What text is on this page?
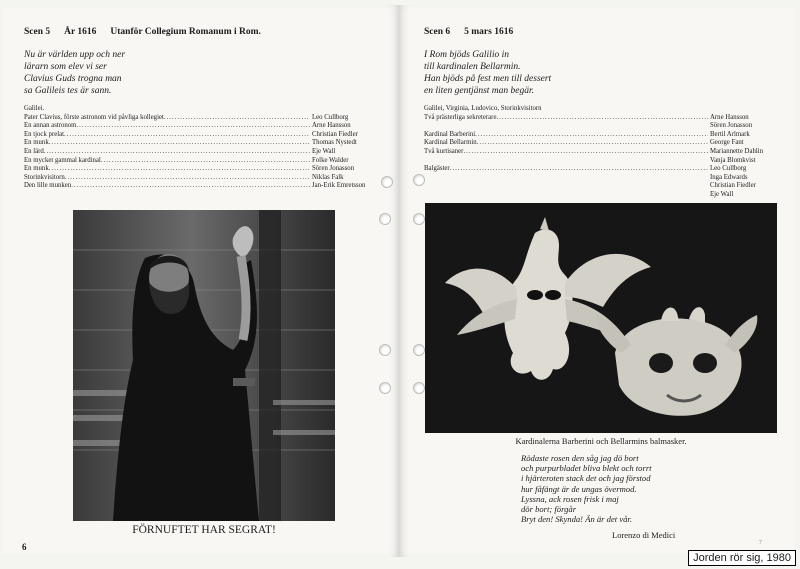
Scen 5 År 1616 Utanför Collegium Romanum i Rom.
Nu är världen upp och ner
lärarn som elev vi ser
Clavius Guds trogna man
sa Galileis tes är sann.
Galilei.
Pater Clavius, förste astronom vid påvliga kollegiet .....	Leo Cullborg
En annan astronom .....	Arne Hansson
En tjock prelat .....	Christian Fiedler
En munk .....	Thomas Nystedt
En lärd .....	Eje Wall
En mycket gammal kardinal .....	Folke Walder
En munk .....	Sören Jonasson
Storinkvisitorn .....	Niklas Falk
Den lille munken .....	Jan-Erik Emretsson
FÖRNUFTET HAR SEGRAT!
6
Scen 6 5 mars 1616
I Rom bjöds Galilio in
till kardinalen Bellarmin.
Han bjöds på fest men till dessert
en liten gentjänst man begär.
Galilei, Virginia, Ludovico, Storinkvisitorn
Två prästerliga sekreterare .....	Arne Hansson
Sören Jonasson
Kardinal Barberini .....	Bertil Arlmark
Kardinal Bellarmin .....	George Fant
Två kurtisaner .....	Mariannette Dahlin
Vanja Blomkvist
Balgäster .....	Leo Cullborg
Inga Edwards
Christian Fiedler
Eje Wall
Kardinalerna Barberini och Bellarmins balmasker.
Rödaste rosen den såg jag dö bort
och purpurbladet bliva blekt och torrt
i hjärteroten stack det och jag förstod
hur fåfängt är de ungas övermod.
Lyssna, ack rosen frisk i maj
dör bort; förgår
Bryt den! Skynda! Än är det vår.
Lorenzo di Medici
7
Jorden rör sig, 1980
